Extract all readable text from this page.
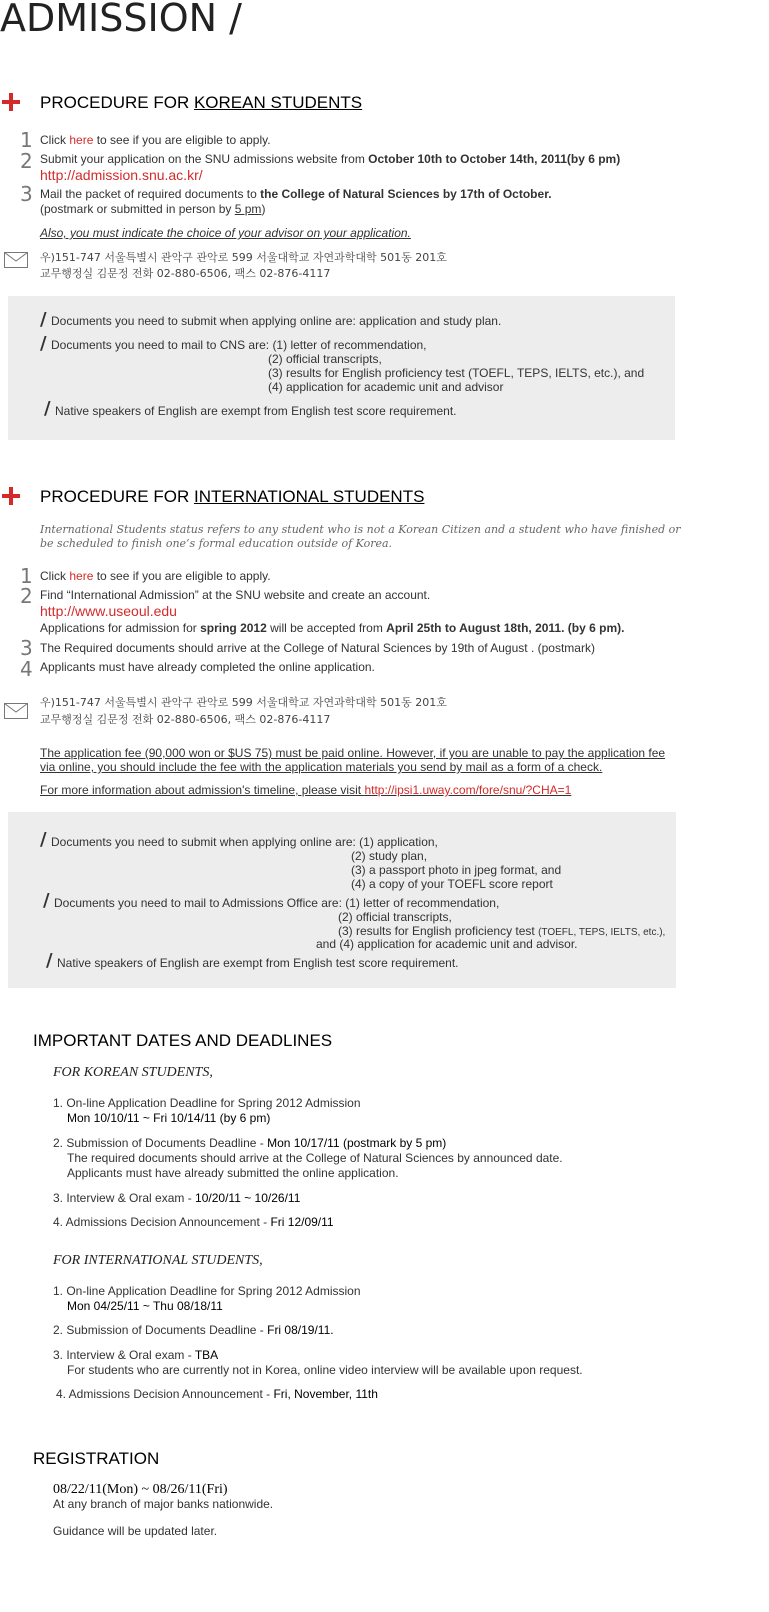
ADMISSION /
PROCEDURE FOR KOREAN STUDENTS
1 Click here to see if you are eligible to apply.
2 Submit your application on the SNU admissions website from October 10th to October 14th, 2011(by 6 pm)
http://admission.snu.ac.kr/
3 Mail the packet of required documents to the College of Natural Sciences by 17th of October.
(postmark or submitted in person by 5 pm)
Also, you must indicate the choice of your advisor on your application.
우)151-747 서울특별시 관악구 관악로 599 서울대학교 자연과학대학 501동 201호
교무행정실 김문정 전화 02-880-6506, 팩스 02-876-4117
/ Documents you need to submit when applying online are: application and study plan.
/ Documents you need to mail to CNS are: (1) letter of recommendation,
(2) official transcripts,
(3) results for English proficiency test (TOEFL, TEPS, IELTS, etc.), and
(4) application for academic unit and advisor
/ Native speakers of English are exempt from English test score requirement.
PROCEDURE FOR INTERNATIONAL STUDENTS
International Students status refers to any student who is not a Korean Citizen and a student who have finished or
be scheduled to finish one’s formal education outside of Korea.
1 Click here to see if you are eligible to apply.
2 Find “International Admission” at the SNU website and create an account.
http://www.useoul.edu
Applications for admission for spring 2012 will be accepted from April 25th to August 18th, 2011. (by 6 pm).
3 The Required documents should arrive at the College of Natural Sciences by 19th of August . (postmark)
4 Applicants must have already completed the online application.
우)151-747 서울특별시 관악구 관악로 599 서울대학교 자연과학대학 501동 201호
교무행정실 김문정 전화 02-880-6506, 팩스 02-876-4117
The application fee (90,000 won or $US 75) must be paid online. However, if you are unable to pay the application fee
via online, you should include the fee with the application materials you send by mail as a form of a check.
For more information about admission's timeline, please visit http://ipsi1.uway.com/fore/snu/?CHA=1
/ Documents you need to submit when applying online are: (1) application,
(2) study plan,
(3) a passport photo in jpeg format, and
(4) a copy of your TOEFL score report
/ Documents you need to mail to Admissions Office are: (1) letter of recommendation,
(2) official transcripts,
(3) results for English proficiency test (TOEFL, TEPS, IELTS, etc.),
and (4) application for academic unit and advisor.
/ Native speakers of English are exempt from English test score requirement.
IMPORTANT DATES AND DEADLINES
FOR KOREAN STUDENTS,
1. On-line Application Deadline for Spring 2012 Admission
Mon 10/10/11 ~ Fri 10/14/11 (by 6 pm)
2. Submission of Documents Deadline - Mon 10/17/11 (postmark by 5 pm)
The required documents should arrive at the College of Natural Sciences by announced date.
Applicants must have already submitted the online application.
3. Interview & Oral exam - 10/20/11 ~ 10/26/11
4. Admissions Decision Announcement - Fri 12/09/11
FOR INTERNATIONAL STUDENTS,
1. On-line Application Deadline for Spring 2012 Admission
Mon 04/25/11 ~ Thu 08/18/11
2. Submission of Documents Deadline - Fri 08/19/11.
3. Interview & Oral exam - TBA
For students who are currently not in Korea, online video interview will be available upon request.
4. Admissions Decision Announcement - Fri, November, 11th
REGISTRATION
08/22/11(Mon) ~ 08/26/11(Fri)
At any branch of major banks nationwide.
Guidance will be updated later.
